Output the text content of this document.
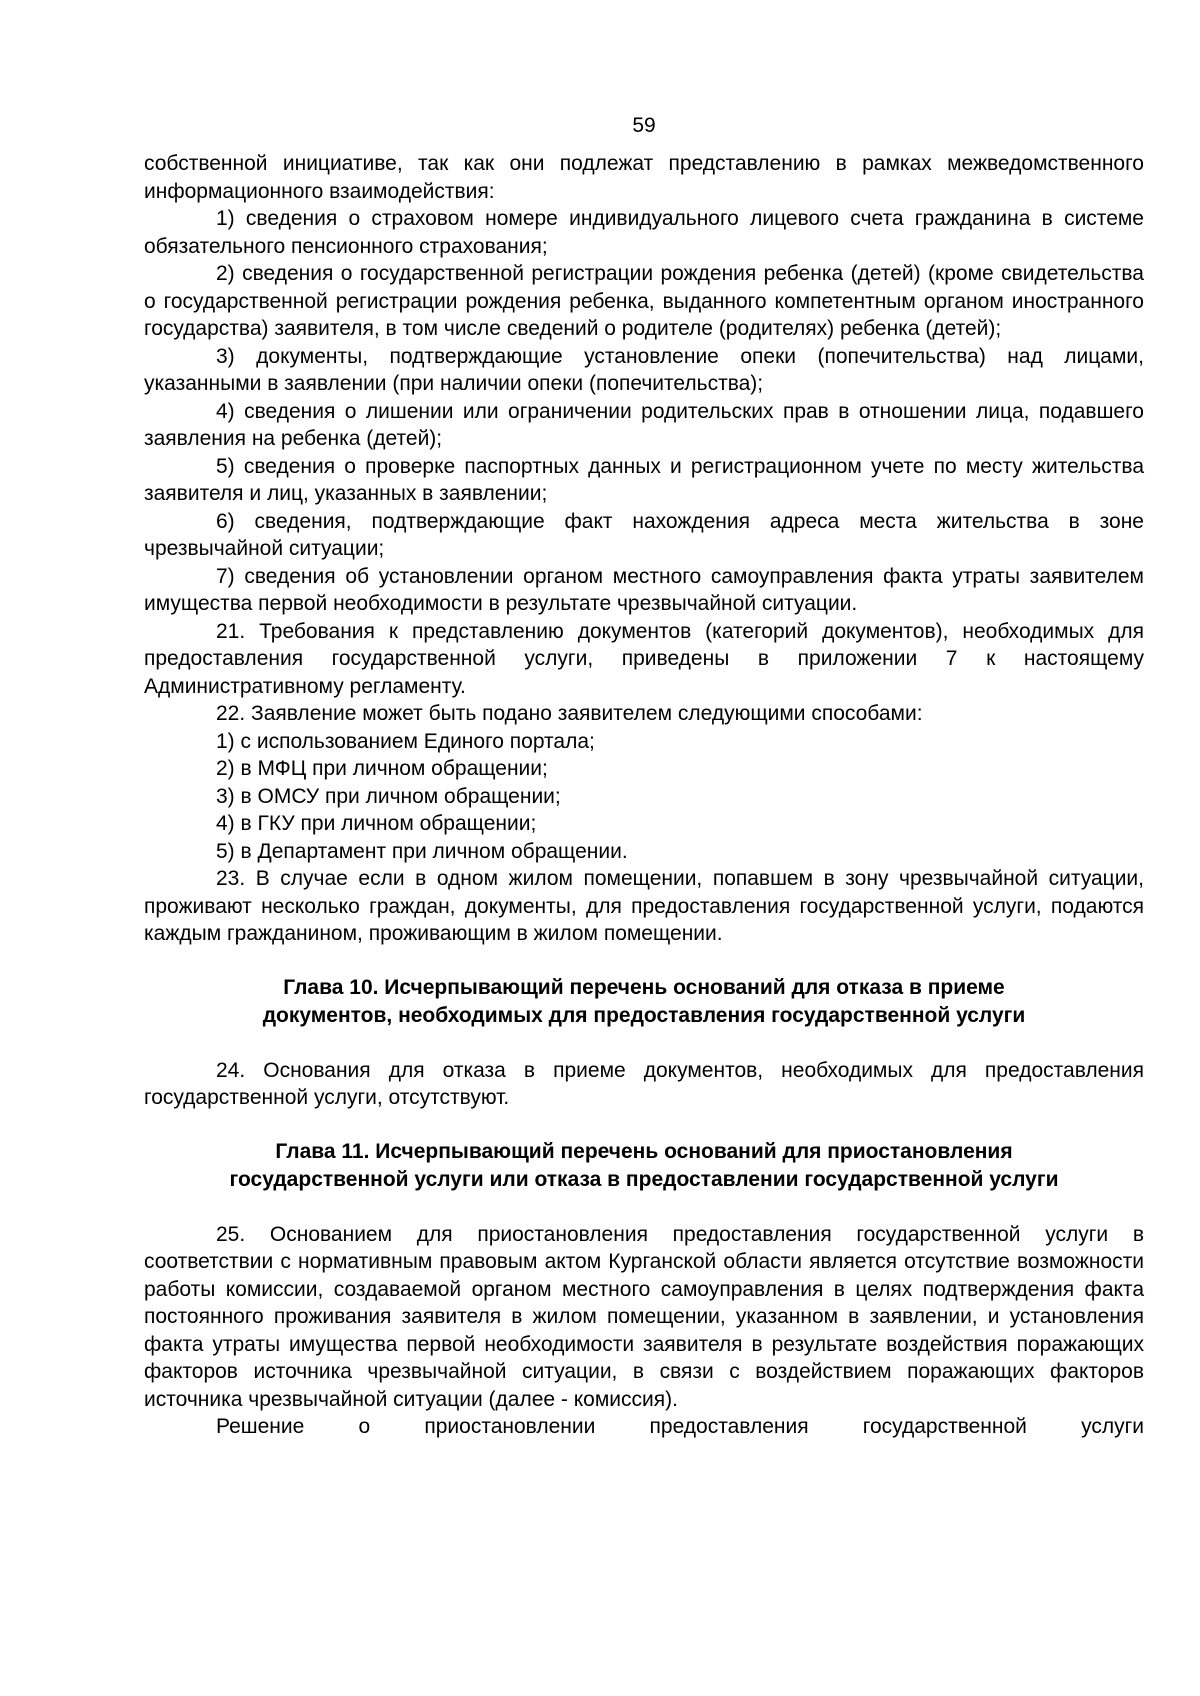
59

собственной инициативе, так как они подлежат представлению в рамках межведомственного информационного взаимодействия:

1) сведения о страховом номере индивидуального лицевого счета гражданина в системе обязательного пенсионного страхования;

2) сведения о государственной регистрации рождения ребенка (детей) (кроме свидетельства о государственной регистрации рождения ребенка, выданного компетентным органом иностранного государства) заявителя, в том числе сведений о родителе (родителях) ребенка (детей);

3) документы, подтверждающие установление опеки (попечительства) над лицами, указанными в заявлении (при наличии опеки (попечительства);

4) сведения о лишении или ограничении родительских прав в отношении лица, подавшего заявления на ребенка (детей);

5) сведения о проверке паспортных данных и регистрационном учете по месту жительства заявителя и лиц, указанных в заявлении;

6) сведения, подтверждающие факт нахождения адреса места жительства в зоне чрезвычайной ситуации;

7) сведения об установлении органом местного самоуправления факта утраты заявителем имущества первой необходимости в результате чрезвычайной ситуации.

21. Требования к представлению документов (категорий документов), необходимых для предоставления государственной услуги, приведены в приложении 7 к настоящему Административному регламенту.

22. Заявление может быть подано заявителем следующими способами:

1) с использованием Единого портала;

2) в МФЦ при личном обращении;

3) в ОМСУ при личном обращении;

4) в ГКУ при личном обращении;

5) в Департамент при личном обращении.

23. В случае если в одном жилом помещении, попавшем в зону чрезвычайной ситуации, проживают несколько граждан, документы, для предоставления государственной услуги, подаются каждым гражданином, проживающим в жилом помещении.

Глава 10. Исчерпывающий перечень оснований для отказа в приеме
документов, необходимых для предоставления государственной услуги

24. Основания для отказа в приеме документов, необходимых для предоставления государственной услуги, отсутствуют.

Глава 11. Исчерпывающий перечень оснований для приостановления
государственной услуги или отказа в предоставлении государственной услуги

25. Основанием для приостановления предоставления государственной услуги в соответствии с нормативным правовым актом Курганской области является отсутствие возможности работы комиссии, создаваемой органом местного самоуправления в целях подтверждения факта постоянного проживания заявителя в жилом помещении, указанном в заявлении, и установления факта утраты имущества первой необходимости заявителя в результате воздействия поражающих факторов источника чрезвычайной ситуации, в связи с воздействием поражающих факторов источника чрезвычайной ситуации (далее - комиссия).

Решение о приостановлении предоставления государственной услуги
